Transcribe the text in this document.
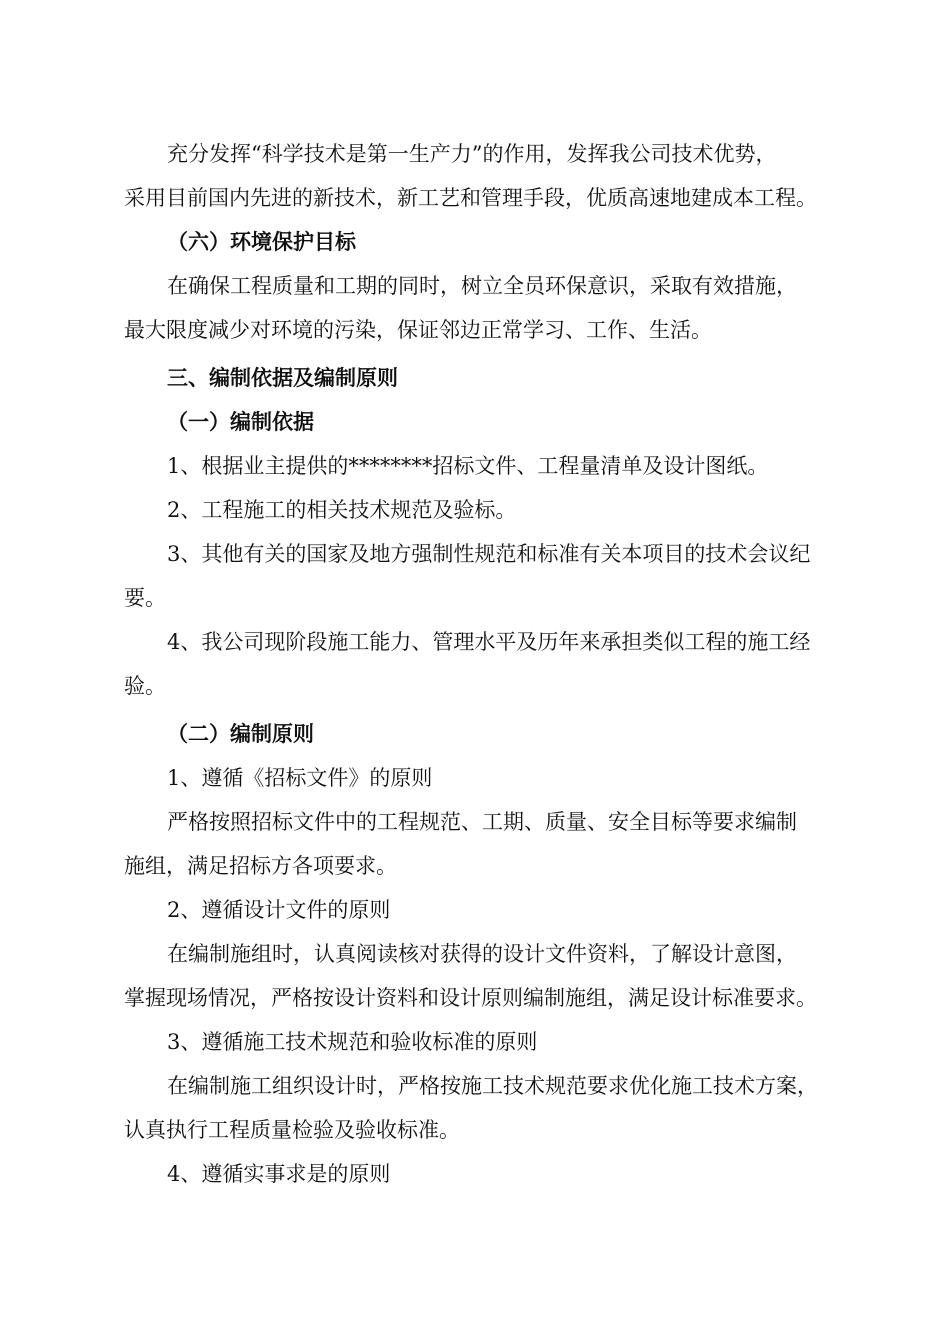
充分发挥“科学技术是第一生产力”的作用，发挥我公司技术优势，
采用目前国内先进的新技术，新工艺和管理手段，优质高速地建成本工程。
（六）环境保护目标
在确保工程质量和工期的同时，树立全员环保意识，采取有效措施，
最大限度减少对环境的污染，保证邻边正常学习、工作、生活。
三、编制依据及编制原则
（一）编制依据
1、根据业主提供的********招标文件、工程量清单及设计图纸。
2、工程施工的相关技术规范及验标。
3、其他有关的国家及地方强制性规范和标准有关本项目的技术会议纪
要。
4、我公司现阶段施工能力、管理水平及历年来承担类似工程的施工经
验。
（二）编制原则
1、遵循《招标文件》的原则
严格按照招标文件中的工程规范、工期、质量、安全目标等要求编制
施组，满足招标方各项要求。
2、遵循设计文件的原则
在编制施组时，认真阅读核对获得的设计文件资料，了解设计意图，
掌握现场情况，严格按设计资料和设计原则编制施组，满足设计标准要求。
3、遵循施工技术规范和验收标准的原则
在编制施工组织设计时，严格按施工技术规范要求优化施工技术方案，
认真执行工程质量检验及验收标准。
4、遵循实事求是的原则
